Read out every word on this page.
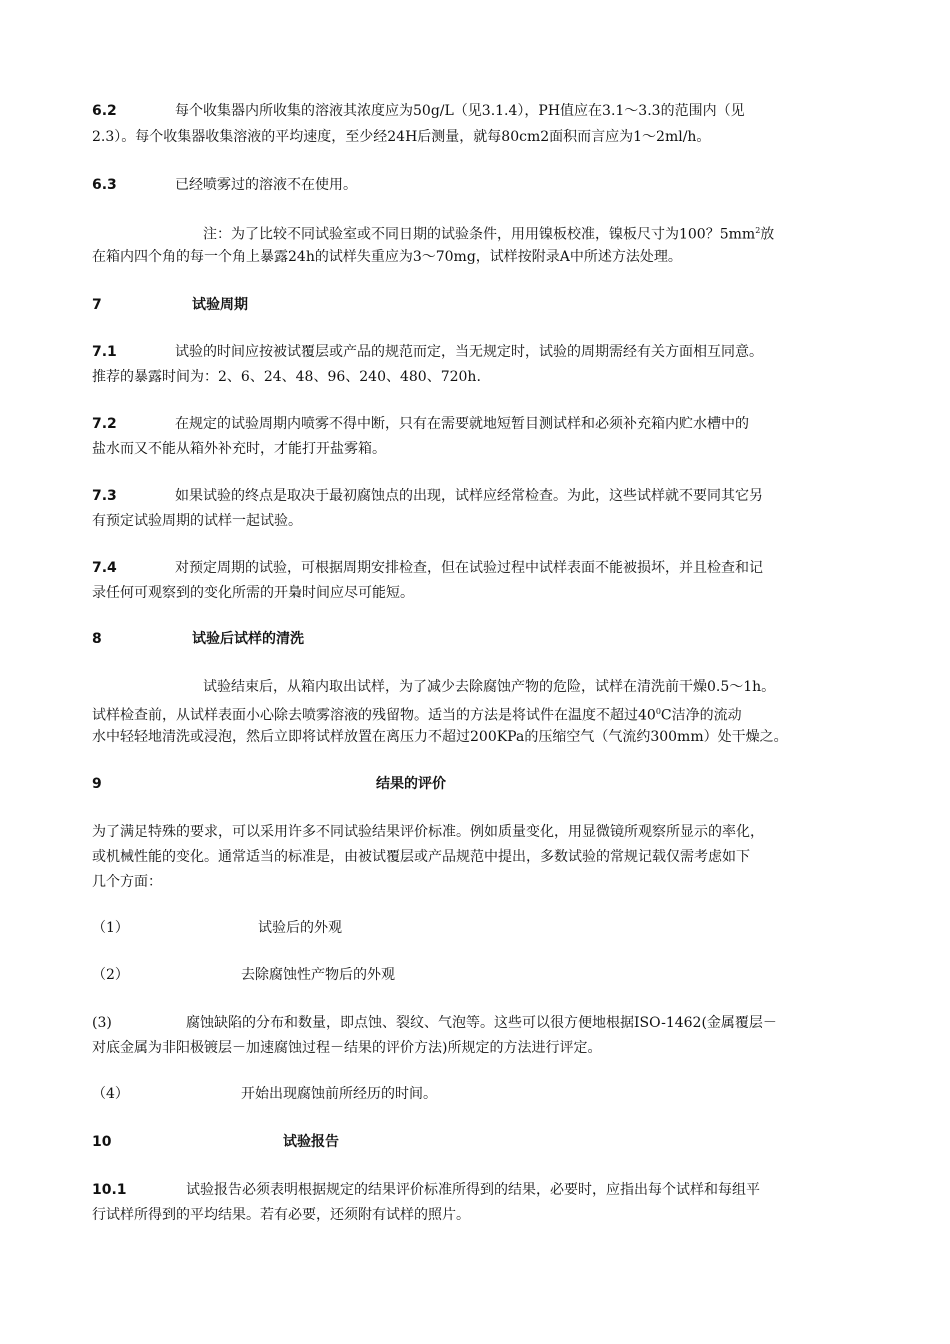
6.2	每个收集器内所收集的溶液其浓度应为50g/L（见3.1.4），PH值应在3.1～3.3的范围内（见
2.3）。每个收集器收集溶液的平均速度，至少经24H后测量，就每80cm2面积而言应为1～2ml/h。
6.3	已经喷雾过的溶液不在使用。
注：为了比较不同试验室或不同日期的试验条件，用用镍板校准，镍板尺寸为100？$5mm^2$放
在箱内四个角的每一个角上暴露24h的试样失重应为3～70mg，试样按附录A中所述方法处理。
7	试验周期
7.1	试验的时间应按被试覆层或产品的规范而定，当无规定时，试验的周期需经有关方面相互同意。
推荐的暴露时间为：2、6、24、48、96、240、480、720h.
7.2	在规定的试验周期内喷雾不得中断，只有在需要就地短暂目测试样和必须补充箱内贮水槽中的
盐水而又不能从箱外补充时，才能打开盐雾箱。
7.3	如果试验的终点是取决于最初腐蚀点的出现，试样应经常检查。为此，这些试样就不要同其它另
有预定试验周期的试样一起试验。
7.4	对预定周期的试验，可根据周期安排检查，但在试验过程中试样表面不能被损坏，并且检查和记
录任何可观察到的变化所需的开梟时间应尽可能短。
8	试验后试样的清洗
试验结束后，从箱内取出试样，为了减少去除腐蚀产物的危险，试样在清洗前干燥0.5～1h。
试样检查前，从试样表面小心除去喷雾溶液的残留物。适当的方法是将试件在温度不超过$40^0C$洁净的流动
水中轻轻地清洗或浸泡，然后立即将试样放置在离压力不超过200KPa的压缩空气（气流约300mm）处干燥之。
9	结果的评价
为了满足特殊的要求，可以采用许多不同试验结果评价标准。例如质量变化，用显微镜所观察所显示的率化，
或机械性能的变化。通常适当的标准是，由被试覆层或产品规范中提出，多数试验的常规记载仅需考虑如下
几个方面：
（1）	试验后的外观
（2）	去除腐蚀性产物后的外观
(3)	腐蚀缺陷的分布和数量，即点蚀、裂纹、气泡等。这些可以很方便地根据ISO-1462(金属覆层－
对底金属为非阳极镀层－加速腐蚀过程－结果的评价方法)所规定的方法进行评定。
（4）	开始出现腐蚀前所经历的时间。
10	试验报告
10.1	试验报告必须表明根据规定的结果评价标准所得到的结果，必要时，应指出每个试样和每组平
行试样所得到的平均结果。若有必要，还须附有试样的照片。
